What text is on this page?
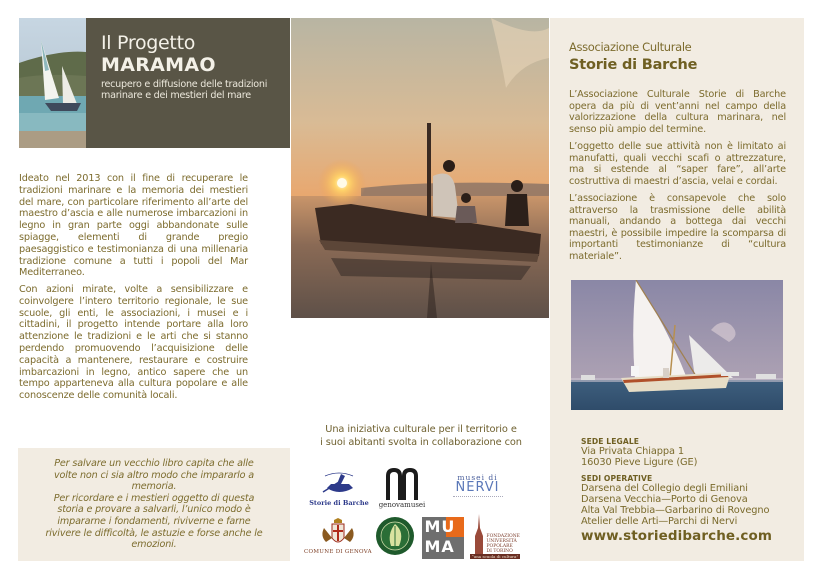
Il Progetto
MARAMAO
recupero e diffusione delle tradizioni
marinare e dei mestieri del mare

Ideato nel 2013 con il fine di recuperare le tradizioni marinare e la memoria dei mestieri del mare, con particolare riferimento all’arte del maestro d’ascia e alle numerose imbarcazioni in legno in gran parte oggi abbandonate sulle spiagge, elementi di grande pregio paesaggistico e testimonianza di una millenaria tradizione comune a tutti i popoli del Mar Mediterraneo.

Con azioni mirate, volte a sensibilizzare e coinvolgere l’intero territorio regionale, le sue scuole, gli enti, le associazioni, i musei e i cittadini, il progetto intende portare alla loro attenzione le tradizioni e le arti che si stanno perdendo promuovendo l’acquisizione delle capacità a mantenere, restaurare e costruire imbarcazioni in legno, antico sapere che un tempo apparteneva alla cultura popolare e alle conoscenze delle comunità locali.

Per salvare un vecchio libro capita che alle
volte non ci sia altro modo che impararlo a
memoria.
Per ricordare e i mestieri oggetto di questa
storia e provare a salvarli, l’unico modo è
impararne i fondamenti, riviverne e farne
rivivere le difficoltà, le astuzie e forse anche le
emozioni.
Una iniziativa culturale per il territorio e
i suoi abitanti svolta in collaborazione con
Storie di Barche genovamusei
musei di
NERVI
COMUNE DI GENOVA
MU
MA
FONDAZIONE UNIVERSITÀ POPOLARE DI TORINO
“una scuola di cultura”
Associazione Culturale
Storie di Barche

L’Associazione Culturale Storie di Barche opera da più di vent’anni nel campo della valorizzazione della cultura marinara, nel senso più ampio del termine.

L’oggetto delle sue attività non è limitato ai manufatti, quali vecchi scafi o attrezzature, ma si estende al “saper fare”, all’arte costruttiva di maestri d’ascia, velai e cordai.

L’associazione è consapevole che solo attraverso la trasmissione delle abilità manuali, andando a bottega dai vecchi maestri, è possibile impedire la scomparsa di importanti testimonianze di “cultura materiale”.

SEDE LEGALE
Via Privata Chiappa 1
16030 Pieve Ligure (GE)
SEDI OPERATIVE
Darsena del Collegio degli Emiliani
Darsena Vecchia—Porto di Genova
Alta Val Trebbia—Garbarino di Rovegno
Atelier delle Arti—Parchi di Nervi
www.storiedibarche.com
